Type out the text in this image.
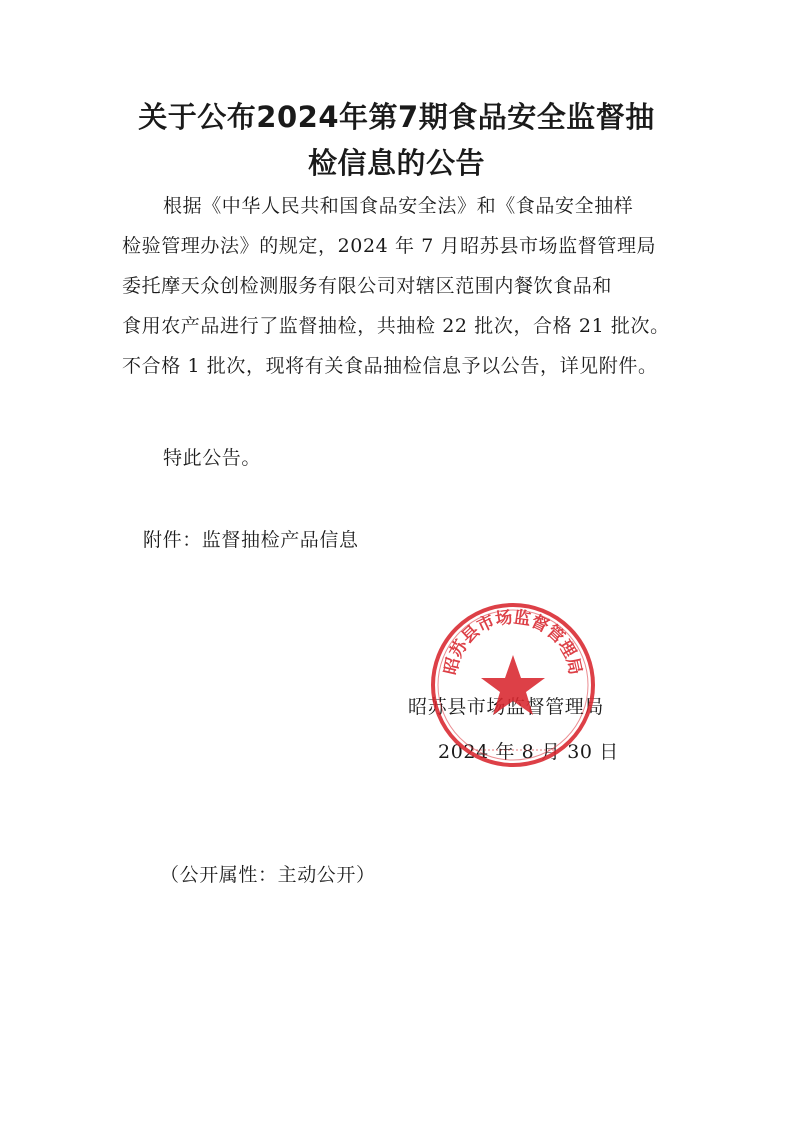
关于公布2024年第7期食品安全监督抽
检信息的公告
根据《中华人民共和国食品安全法》和《食品安全抽样
检验管理办法》的规定，2024 年 7 月昭苏县市场监督管理局
委托摩天众创检测服务有限公司对辖区范围内餐饮食品和
食用农产品进行了监督抽检，共抽检 22 批次，合格 21 批次。
不合格 1 批次，现将有关食品抽检信息予以公告，详见附件。
特此公告。
附件：监督抽检产品信息
昭苏县市场监督管理局
2024 年 8 月 30 日
昭苏县市场监督管理局
（公开属性：主动公开）
